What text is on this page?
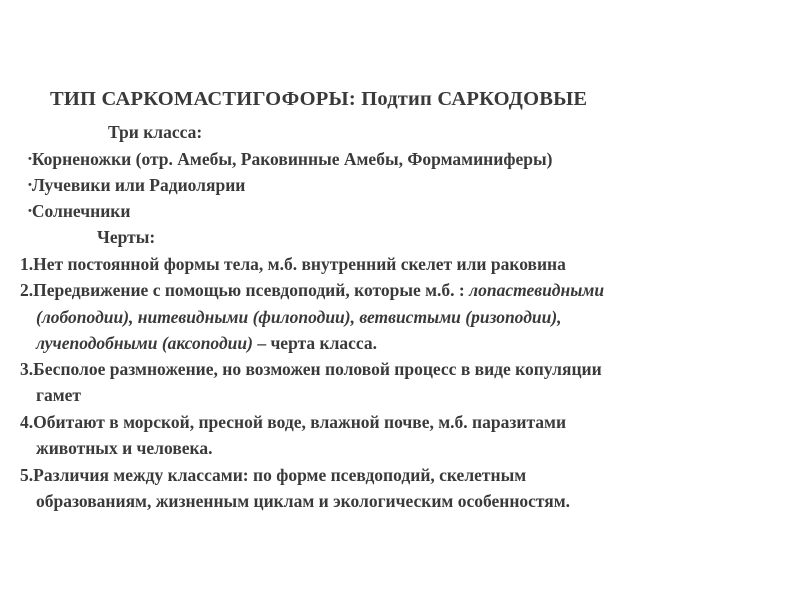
ТИП САРКОМАСТИГОФОРЫ: Подтип САРКОДОВЫЕ
Три класса:
•Корненожки (отр. Амебы, Раковинные Амебы, Формаминиферы)
•Лучевики или Радиолярии
•Солнечники
Черты:
1.Нет постоянной формы тела, м.б. внутренний скелет или раковина
2.Передвижение с помощью псевдоподий, которые м.б. : лопастевидными
(лобоподии), нитевидными (филоподии), ветвистыми (ризоподии),
лучеподобными (аксоподии) – черта класса.
3.Бесполое размножение, но возможен половой процесс в виде копуляции
гамет
4.Обитают в морской, пресной воде, влажной почве, м.б. паразитами
животных и человека.
5.Различия между классами: по форме псевдоподий, скелетным
образованиям, жизненным циклам и экологическим особенностям.
